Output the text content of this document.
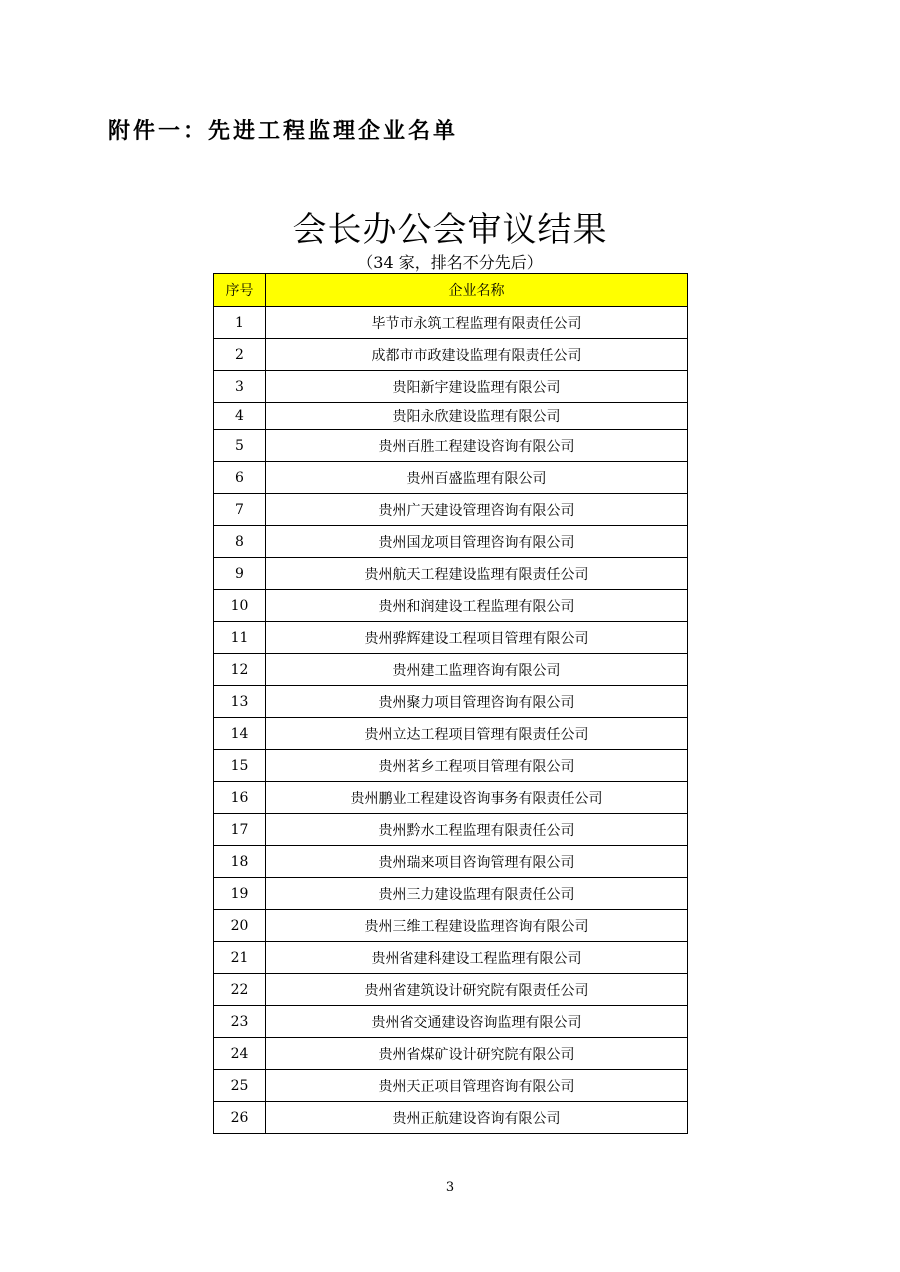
附件一：先进工程监理企业名单
会长办公会审议结果
（34 家，排名不分先后）
序号	企业名称
1	毕节市永筑工程监理有限责任公司
2	成都市市政建设监理有限责任公司
3	贵阳新宇建设监理有限公司
4	贵阳永欣建设监理有限公司
5	贵州百胜工程建设咨询有限公司
6	贵州百盛监理有限公司
7	贵州广天建设管理咨询有限公司
8	贵州国龙项目管理咨询有限公司
9	贵州航天工程建设监理有限责任公司
10	贵州和润建设工程监理有限公司
11	贵州骅辉建设工程项目管理有限公司
12	贵州建工监理咨询有限公司
13	贵州聚力项目管理咨询有限公司
14	贵州立达工程项目管理有限责任公司
15	贵州茗乡工程项目管理有限公司
16	贵州鹏业工程建设咨询事务有限责任公司
17	贵州黔水工程监理有限责任公司
18	贵州瑞来项目咨询管理有限公司
19	贵州三力建设监理有限责任公司
20	贵州三维工程建设监理咨询有限公司
21	贵州省建科建设工程监理有限公司
22	贵州省建筑设计研究院有限责任公司
23	贵州省交通建设咨询监理有限公司
24	贵州省煤矿设计研究院有限公司
25	贵州天正项目管理咨询有限公司
26	贵州正航建设咨询有限公司
3
